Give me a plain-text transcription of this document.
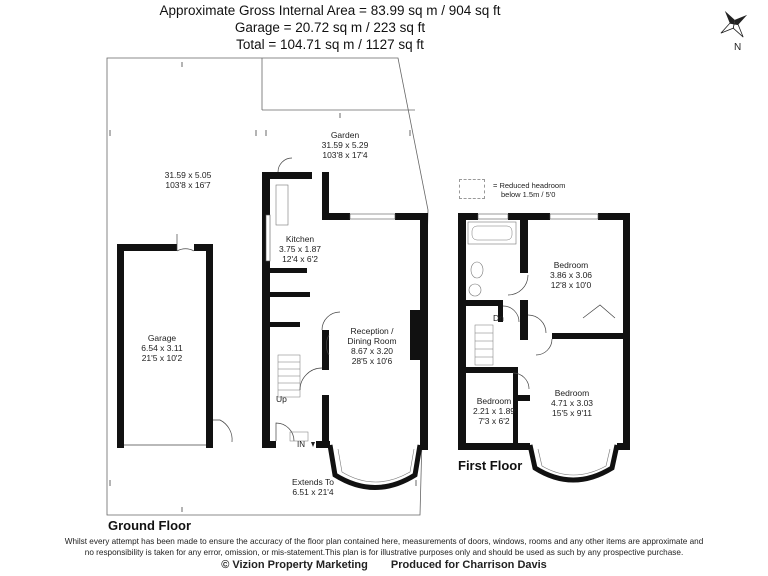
Approximate Gross Internal Area = 83.99 sq m / 904 sq ft
Garage = 20.72 sq m / 223 sq ft
Total = 104.71 sq m / 1127 sq ft	N
= Reduced headroom
below 1.5m / 5'0
31.59 x 5.05
103'8 x 16'7
Garden
31.59 x 5.29
103'8 x 17'4
Kitchen
3.75 x 1.87
12'4 x 6'2
Reception /
Dining Room
8.67 x 3.20
28'5 x 10'6
Garage
6.54 x 3.11
21'5 x 10'2
Extends To
6.51 x 21'4
Up
IN
Ground Floor
Bedroom
3.86 x 3.06
12'8 x 10'0
Bedroom
2.21 x 1.89
7'3 x 6'2
Bedroom
4.71 x 3.03
15'5 x 9'11
Dn
First Floor
Whilst every attempt has been made to ensure the accuracy of the floor plan contained here, measurements of doors, windows, rooms and any other items are approximate and
no responsibility is taken for any error, omission, or mis-statement.This plan is for illustrative purposes only and should be used as such by any prospective purchase.
© Vizion Property Marketing Produced for Charrison Davis
